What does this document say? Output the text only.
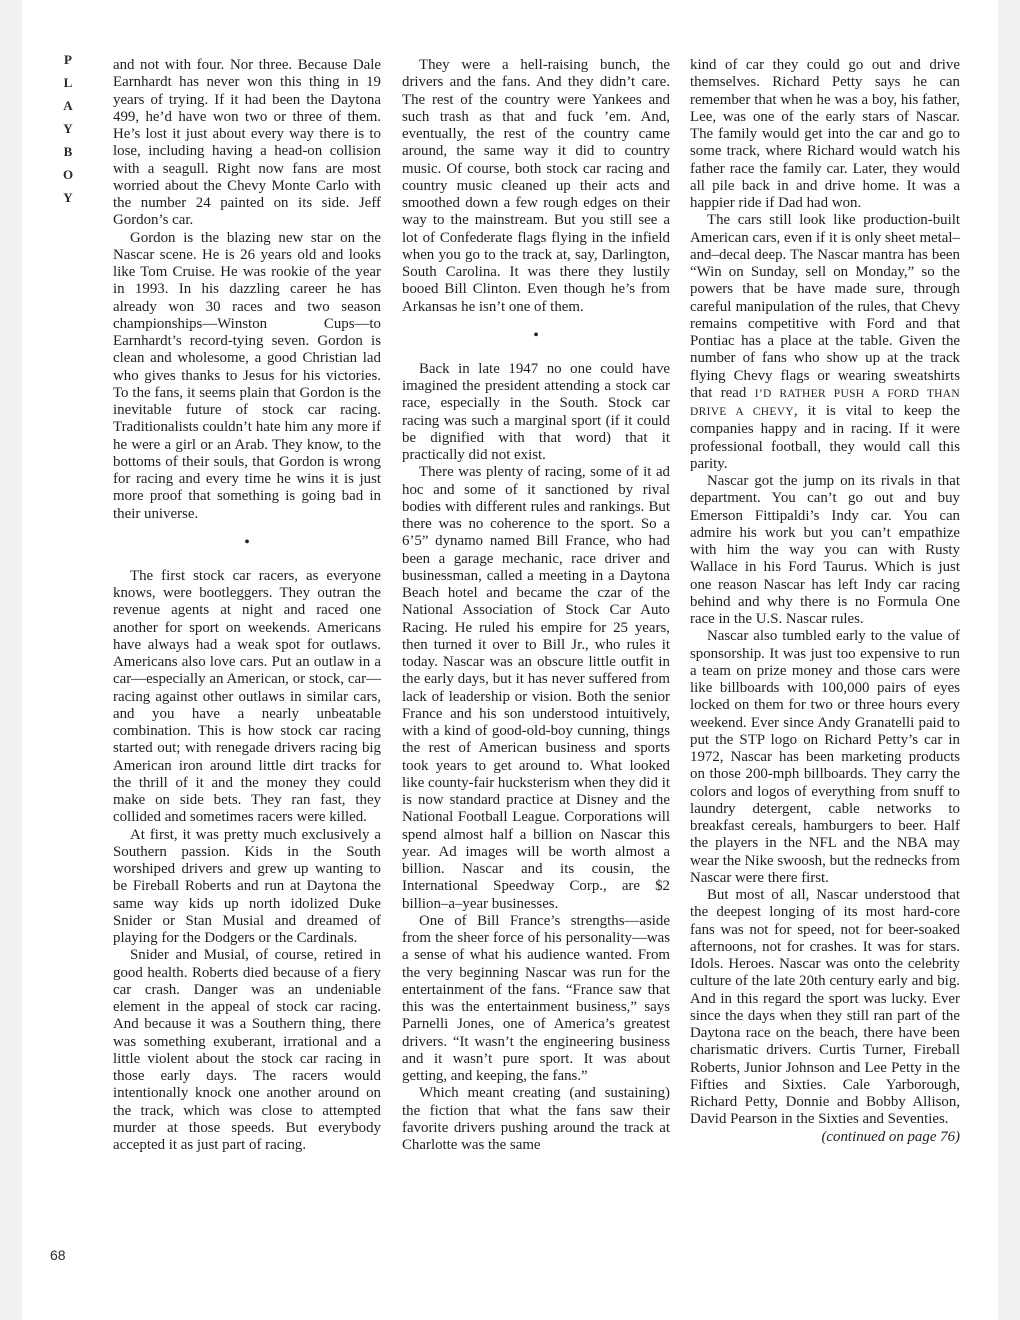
P
L
A
Y
B
O
Y
68

and not with four. Nor three. Because Dale Earnhardt has never won this thing in 19 years of trying. If it had been the Daytona 499, he’d have won two or three of them. He’s lost it just about every way there is to lose, including having a head-on collision with a seagull. Right now fans are most worried about the Chevy Monte Carlo with the number 24 painted on its side. Jeff Gordon’s car.

Gordon is the blazing new star on the Nascar scene. He is 26 years old and looks like Tom Cruise. He was rookie of the year in 1993. In his dazzling career he has already won 30 races and two season championships—Winston Cups—to Earnhardt’s record-tying seven. Gordon is clean and wholesome, a good Christian lad who gives thanks to Jesus for his victories. To the fans, it seems plain that Gordon is the inevitable future of stock car racing. Traditionalists couldn’t hate him any more if he were a girl or an Arab. They know, to the bottoms of their souls, that Gordon is wrong for racing and every time he wins it is just more proof that something is going bad in their universe.

•

The first stock car racers, as everyone knows, were bootleggers. They outran the revenue agents at night and raced one another for sport on weekends. Americans have always had a weak spot for outlaws. Americans also love cars. Put an outlaw in a car—especially an American, or stock, car—racing against other outlaws in similar cars, and you have a nearly unbeatable combination. This is how stock car racing started out; with renegade drivers racing big American iron around little dirt tracks for the thrill of it and the money they could make on side bets. They ran fast, they collided and sometimes racers were killed.

At first, it was pretty much exclusively a Southern passion. Kids in the South worshiped drivers and grew up wanting to be Fireball Roberts and run at Daytona the same way kids up north idolized Duke Snider or Stan Musial and dreamed of playing for the Dodgers or the Cardinals.

Snider and Musial, of course, retired in good health. Roberts died because of a fiery car crash. Danger was an undeniable element in the appeal of stock car racing. And because it was a Southern thing, there was something exuberant, irrational and a little violent about the stock car racing in those early days. The racers would intentionally knock one another around on the track, which was close to attempted murder at those speeds. But everybody accepted it as just part of racing.

They were a hell-raising bunch, the drivers and the fans. And they didn’t care. The rest of the country were Yankees and such trash as that and fuck ’em. And, eventually, the rest of the country came around, the same way it did to country music. Of course, both stock car racing and country music cleaned up their acts and smoothed down a few rough edges on their way to the mainstream. But you still see a lot of Confederate flags flying in the infield when you go to the track at, say, Darlington, South Carolina. It was there they lustily booed Bill Clinton. Even though he’s from Arkansas he isn’t one of them.

•

Back in late 1947 no one could have imagined the president attending a stock car race, especially in the South. Stock car racing was such a marginal sport (if it could be dignified with that word) that it practically did not exist.

There was plenty of racing, some of it ad hoc and some of it sanctioned by rival bodies with different rules and rankings. But there was no coherence to the sport. So a 6’5” dynamo named Bill France, who had been a garage mechanic, race driver and businessman, called a meeting in a Daytona Beach hotel and became the czar of the National Association of Stock Car Auto Racing. He ruled his empire for 25 years, then turned it over to Bill Jr., who rules it today. Nascar was an obscure little outfit in the early days, but it has never suffered from lack of leadership or vision. Both the senior France and his son understood intuitively, with a kind of good-old-boy cunning, things the rest of American business and sports took years to get around to. What looked like county-fair hucksterism when they did it is now standard practice at Disney and the National Football League. Corporations will spend almost half a billion on Nascar this year. Ad images will be worth almost a billion. Nascar and its cousin, the International Speedway Corp., are $2 billion–a–year businesses.

One of Bill France’s strengths—aside from the sheer force of his personality—was a sense of what his audience wanted. From the very beginning Nascar was run for the entertainment of the fans. “France saw that this was the entertainment business,” says Parnelli Jones, one of America’s greatest drivers. “It wasn’t the engineering business and it wasn’t pure sport. It was about getting, and keeping, the fans.”

Which meant creating (and sustaining) the fiction that what the fans saw their favorite drivers pushing around the track at Charlotte was the same

kind of car they could go out and drive themselves. Richard Petty says he can remember that when he was a boy, his father, Lee, was one of the early stars of Nascar. The family would get into the car and go to some track, where Richard would watch his father race the family car. Later, they would all pile back in and drive home. It was a happier ride if Dad had won.

The cars still look like production-built American cars, even if it is only sheet metal–and–decal deep. The Nascar mantra has been “Win on Sunday, sell on Monday,” so the powers that be have made sure, through careful manipulation of the rules, that Chevy remains competitive with Ford and that Pontiac has a place at the table. Given the number of fans who show up at the track flying Chevy flags or wearing sweatshirts that read I’D RATHER PUSH A FORD THAN DRIVE A CHEVY, it is vital to keep the companies happy and in racing. If it were professional football, they would call this parity.

Nascar got the jump on its rivals in that department. You can’t go out and buy Emerson Fittipaldi’s Indy car. You can admire his work but you can’t empathize with him the way you can with Rusty Wallace in his Ford Taurus. Which is just one reason Nascar has left Indy car racing behind and why there is no Formula One race in the U.S. Nascar rules.

Nascar also tumbled early to the value of sponsorship. It was just too expensive to run a team on prize money and those cars were like billboards with 100,000 pairs of eyes locked on them for two or three hours every weekend. Ever since Andy Granatelli paid to put the STP logo on Richard Petty’s car in 1972, Nascar has been marketing products on those 200-mph billboards. They carry the colors and logos of everything from snuff to laundry detergent, cable networks to breakfast cereals, hamburgers to beer. Half the players in the NFL and the NBA may wear the Nike swoosh, but the rednecks from Nascar were there first.

But most of all, Nascar understood that the deepest longing of its most hard-core fans was not for speed, not for beer-soaked afternoons, not for crashes. It was for stars. Idols. Heroes. Nascar was onto the celebrity culture of the late 20th century early and big. And in this regard the sport was lucky. Ever since the days when they still ran part of the Daytona race on the beach, there have been charismatic drivers. Curtis Turner, Fireball Roberts, Junior Johnson and Lee Petty in the Fifties and Sixties. Cale Yarborough, Richard Petty, Donnie and Bobby Allison, David Pearson in the Sixties and Seventies.

(continued on page 76)
